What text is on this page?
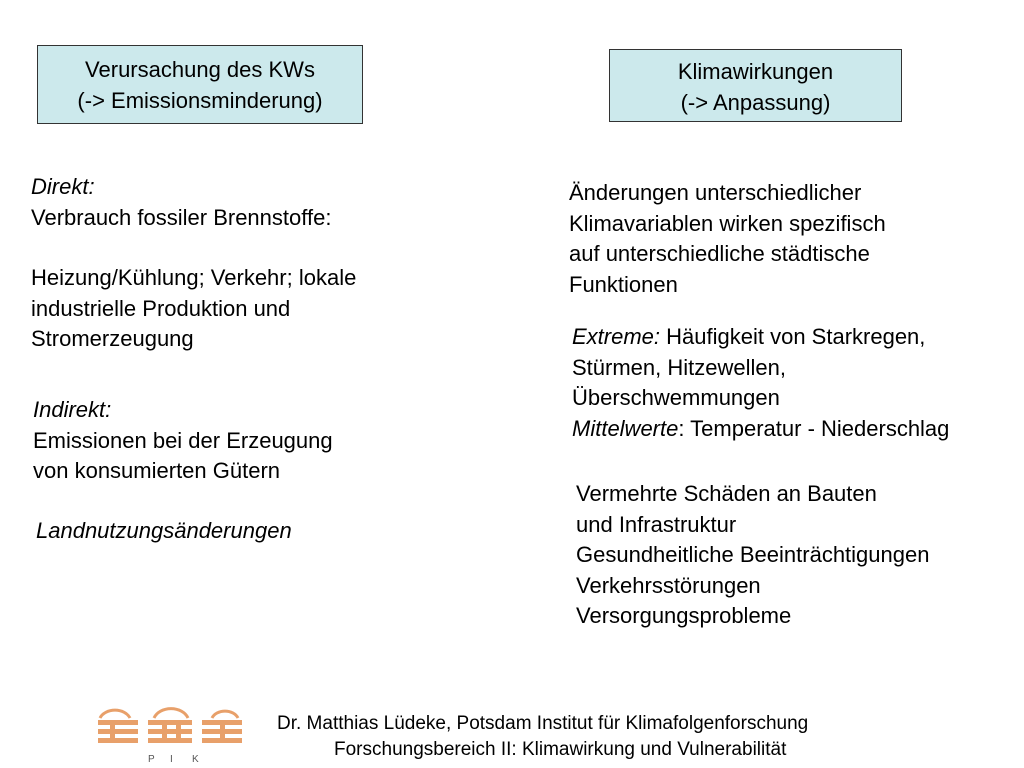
Verursachung des KWs
(-> Emissionsminderung)
Klimawirkungen
(-> Anpassung)
Direkt:
Verbrauch fossiler Brennstoffe:
Heizung/Kühlung; Verkehr; lokale
industrielle Produktion und
Stromerzeugung
Indirekt:
Emissionen bei der Erzeugung
von konsumierten Gütern
Landnutzungsänderungen
Änderungen unterschiedlicher
Klimavariablen wirken spezifisch
auf unterschiedliche städtische
Funktionen
Extreme: Häufigkeit von Starkregen,
Stürmen, Hitzewellen,
Überschwemmungen
Mittelwerte: Temperatur - Niederschlag
Vermehrte Schäden an Bauten
und Infrastruktur
Gesundheitliche Beeinträchtigungen
Verkehrsstörungen
Versorgungsprobleme
P I K
Dr. Matthias Lüdeke, Potsdam Institut für Klimafolgenforschung
Forschungsbereich II: Klimawirkung und Vulnerabilität
